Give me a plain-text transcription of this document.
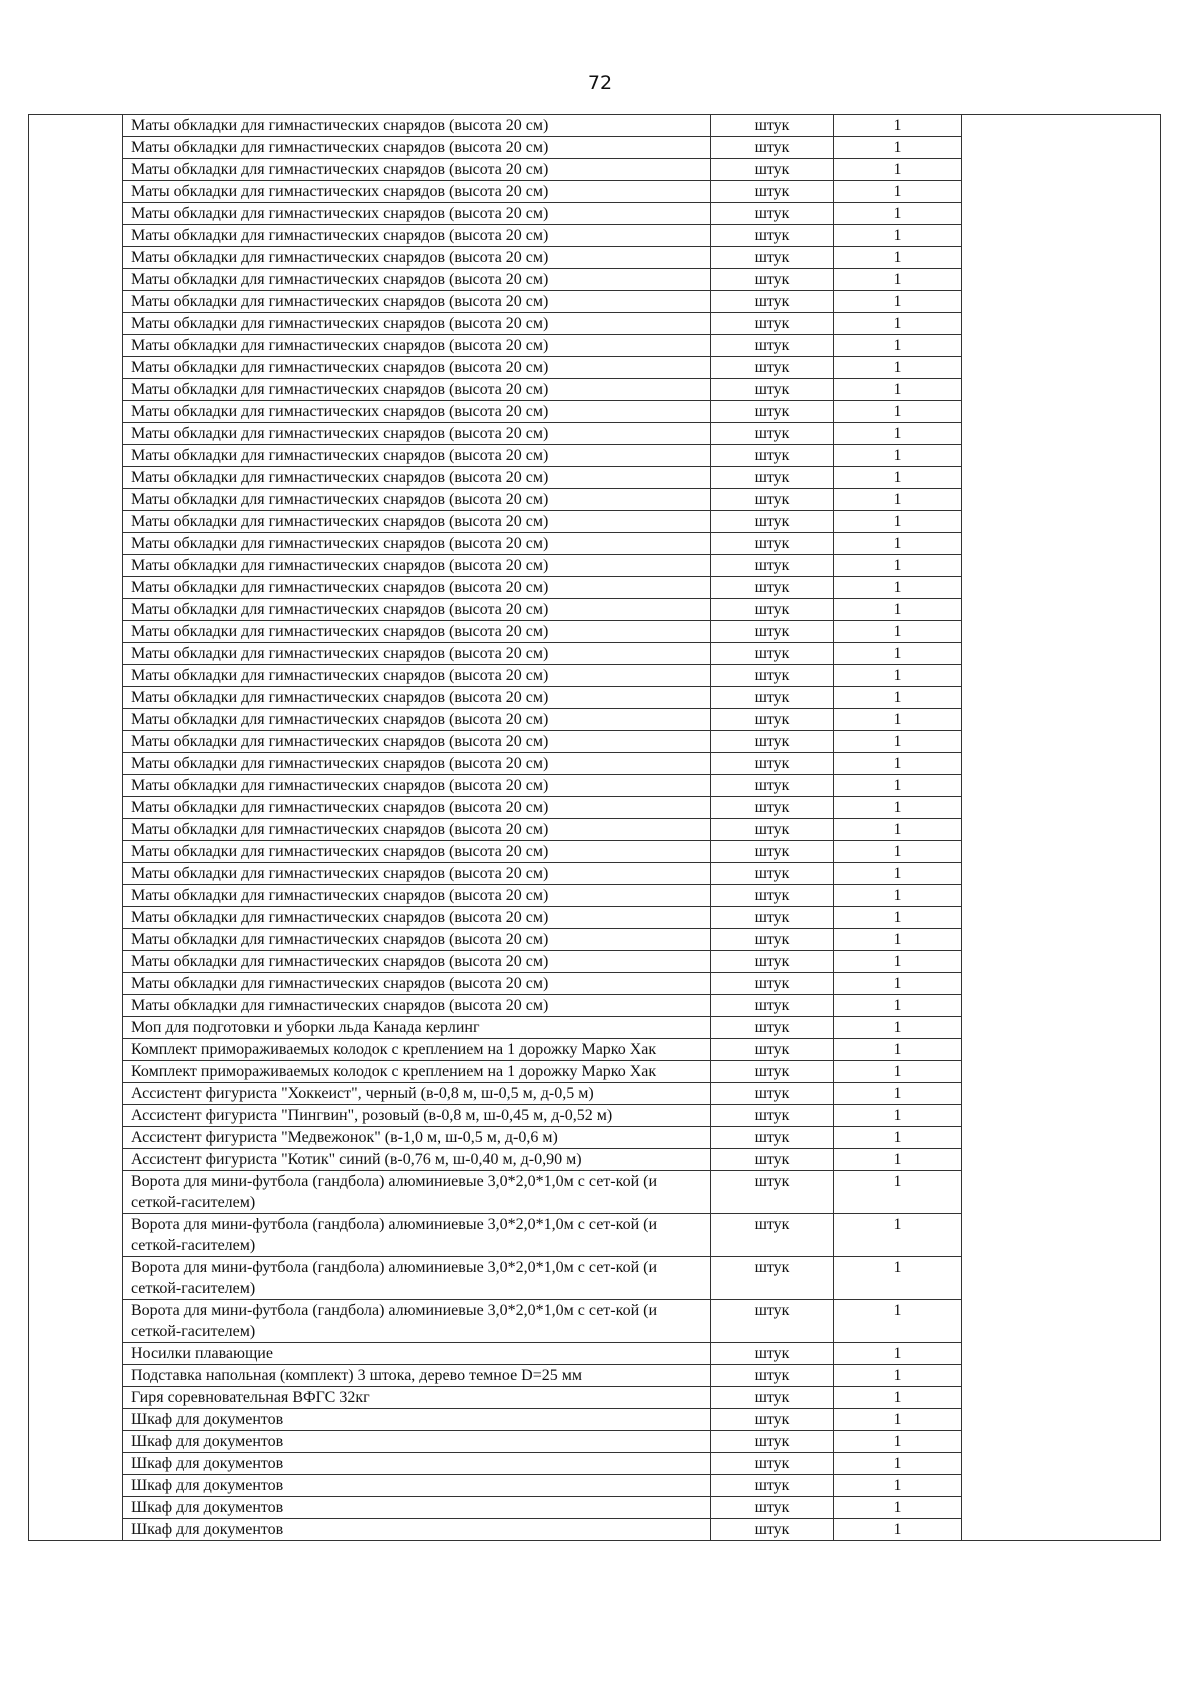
72
	Маты обкладки для гимнастических снарядов (высота 20 см)	штук	1	
	Маты обкладки для гимнастических снарядов (высота 20 см)	штук	1	
	Маты обкладки для гимнастических снарядов (высота 20 см)	штук	1	
	Маты обкладки для гимнастических снарядов (высота 20 см)	штук	1	
	Маты обкладки для гимнастических снарядов (высота 20 см)	штук	1	
	Маты обкладки для гимнастических снарядов (высота 20 см)	штук	1	
	Маты обкладки для гимнастических снарядов (высота 20 см)	штук	1	
	Маты обкладки для гимнастических снарядов (высота 20 см)	штук	1	
	Маты обкладки для гимнастических снарядов (высота 20 см)	штук	1	
	Маты обкладки для гимнастических снарядов (высота 20 см)	штук	1	
	Маты обкладки для гимнастических снарядов (высота 20 см)	штук	1	
	Маты обкладки для гимнастических снарядов (высота 20 см)	штук	1	
	Маты обкладки для гимнастических снарядов (высота 20 см)	штук	1	
	Маты обкладки для гимнастических снарядов (высота 20 см)	штук	1	
	Маты обкладки для гимнастических снарядов (высота 20 см)	штук	1	
	Маты обкладки для гимнастических снарядов (высота 20 см)	штук	1	
	Маты обкладки для гимнастических снарядов (высота 20 см)	штук	1	
	Маты обкладки для гимнастических снарядов (высота 20 см)	штук	1	
	Маты обкладки для гимнастических снарядов (высота 20 см)	штук	1	
	Маты обкладки для гимнастических снарядов (высота 20 см)	штук	1	
	Маты обкладки для гимнастических снарядов (высота 20 см)	штук	1	
	Маты обкладки для гимнастических снарядов (высота 20 см)	штук	1	
	Маты обкладки для гимнастических снарядов (высота 20 см)	штук	1	
	Маты обкладки для гимнастических снарядов (высота 20 см)	штук	1	
	Маты обкладки для гимнастических снарядов (высота 20 см)	штук	1	
	Маты обкладки для гимнастических снарядов (высота 20 см)	штук	1	
	Маты обкладки для гимнастических снарядов (высота 20 см)	штук	1	
	Маты обкладки для гимнастических снарядов (высота 20 см)	штук	1	
	Маты обкладки для гимнастических снарядов (высота 20 см)	штук	1	
	Маты обкладки для гимнастических снарядов (высота 20 см)	штук	1	
	Маты обкладки для гимнастических снарядов (высота 20 см)	штук	1	
	Маты обкладки для гимнастических снарядов (высота 20 см)	штук	1	
	Маты обкладки для гимнастических снарядов (высота 20 см)	штук	1	
	Маты обкладки для гимнастических снарядов (высота 20 см)	штук	1	
	Маты обкладки для гимнастических снарядов (высота 20 см)	штук	1	
	Маты обкладки для гимнастических снарядов (высота 20 см)	штук	1	
	Маты обкладки для гимнастических снарядов (высота 20 см)	штук	1	
	Маты обкладки для гимнастических снарядов (высота 20 см)	штук	1	
	Маты обкладки для гимнастических снарядов (высота 20 см)	штук	1	
	Маты обкладки для гимнастических снарядов (высота 20 см)	штук	1	
	Маты обкладки для гимнастических снарядов (высота 20 см)	штук	1	
	Моп для подготовки и уборки льда Канада керлинг	штук	1	
	Комплект примораживаемых колодок с креплением на 1 дорожку Марко Хак	штук	1	
	Комплект примораживаемых колодок с креплением на 1 дорожку Марко Хак	штук	1	
	Ассистент фигуриста "Хоккеист", черный (в-0,8 м, ш-0,5 м, д-0,5 м)	штук	1	
	Ассистент фигуриста "Пингвин", розовый (в-0,8 м, ш-0,45 м, д-0,52 м)	штук	1	
	Ассистент фигуриста "Медвежонок" (в-1,0 м, ш-0,5 м, д-0,6 м)	штук	1	
	Ассистент фигуриста "Котик" синий (в-0,76 м, ш-0,40 м, д-0,90 м)	штук	1	
	Ворота для мини-футбола (гандбола) алюминиевые 3,0*2,0*1,0м с сет-кой (и сеткой-гасителем)	штук	1	
	Ворота для мини-футбола (гандбола) алюминиевые 3,0*2,0*1,0м с сет-кой (и сеткой-гасителем)	штук	1	
	Ворота для мини-футбола (гандбола) алюминиевые 3,0*2,0*1,0м с сет-кой (и сеткой-гасителем)	штук	1	
	Ворота для мини-футбола (гандбола) алюминиевые 3,0*2,0*1,0м с сет-кой (и сеткой-гасителем)	штук	1	
	Носилки плавающие	штук	1	
	Подставка напольная (комплект) 3 штока, дерево темное D=25 мм	штук	1	
	Гиря соревновательная ВФГС 32кг	штук	1	
	Шкаф для документов	штук	1	
	Шкаф для документов	штук	1	
	Шкаф для документов	штук	1	
	Шкаф для документов	штук	1	
	Шкаф для документов	штук	1	
	Шкаф для документов	штук	1	
